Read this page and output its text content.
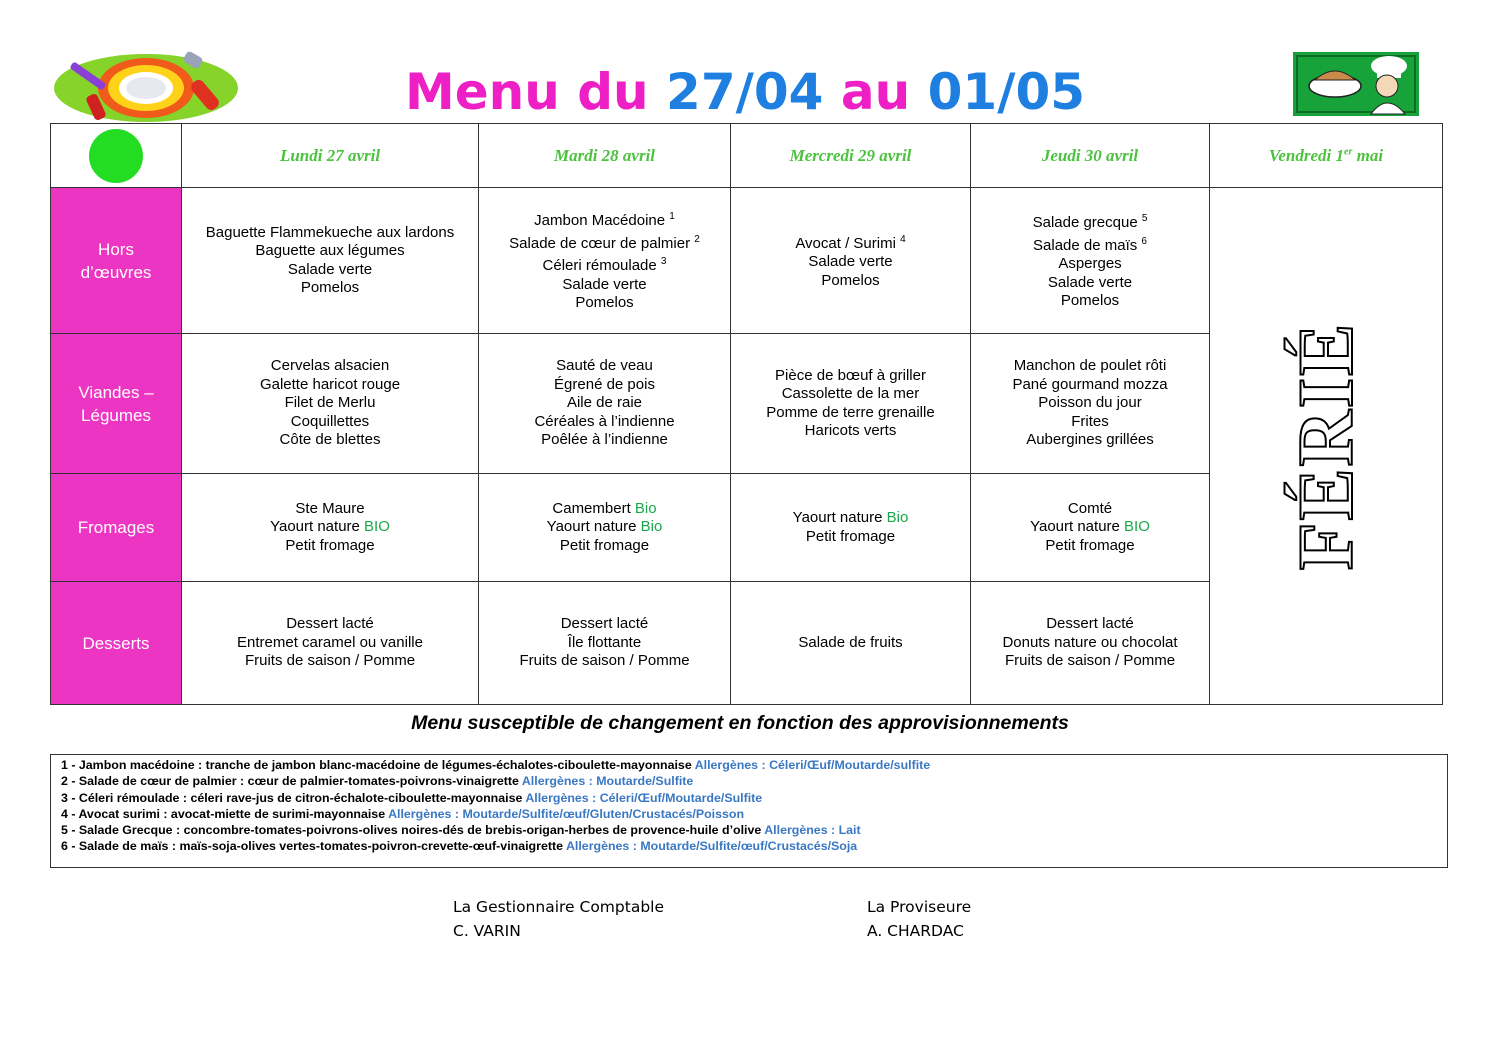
Menu du 27/04 au 01/05
	Lundi 27 avril	Mardi 28 avril	Mercredi 29 avril	Jeudi 30 avril	Vendredi 1er mai
Hors
d’œuvres	Baguette Flammekueche aux lardons
Baguette aux légumes
Salade verte
Pomelos	Jambon Macédoine $^1$
Salade de cœur de palmier $^2$
Céleri rémoulade $^3$
Salade verte
Pomelos	Avocat / Surimi $^4$
Salade verte
Pomelos	Salade grecque $^5$
Salade de maïs $^6$
Asperges
Salade verte
Pomelos	FÉRIÉ

Viandes –
Légumes	Cervelas alsacien
Galette haricot rouge
Filet de Merlu
Coquillettes
Côte de blettes	Sauté de veau
Égrené de pois
Aile de raie
Céréales à l’indienne
Poêlée à l’indienne	Pièce de bœuf à griller
Cassolette de la mer
Pomme de terre grenaille
Haricots verts	Manchon de poulet rôti
Pané gourmand mozza
Poisson du jour
Frites
Aubergines grillées	

Fromages	Ste Maure
Yaourt nature BIO
Petit fromage	Camembert Bio
Yaourt nature Bio
Petit fromage	Yaourt nature Bio
Petit fromage	Comté
Yaourt nature BIO
Petit fromage	

Desserts	Dessert lacté
Entremet caramel ou vanille
Fruits de saison / Pomme	Dessert lacté
Île flottante
Fruits de saison / Pomme	Salade de fruits	Dessert lacté
Donuts nature ou chocolat
Fruits de saison / Pomme	
Menu susceptible de changement en fonction des approvisionnements
1 - Jambon macédoine : tranche de jambon blanc-macédoine de légumes-échalotes-ciboulette-mayonnaise Allergènes : Céleri/Œuf/Moutarde/sulfite
2 - Salade de cœur de palmier : cœur de palmier-tomates-poivrons-vinaigrette Allergènes : Moutarde/Sulfite
3 - Céleri rémoulade : céleri rave-jus de citron-échalote-ciboulette-mayonnaise Allergènes : Céleri/Œuf/Moutarde/Sulfite
4 - Avocat surimi : avocat-miette de surimi-mayonnaise Allergènes : Moutarde/Sulfite/œuf/Gluten/Crustacés/Poisson
5 - Salade Grecque : concombre-tomates-poivrons-olives noires-dés de brebis-origan-herbes de provence-huile d’olive Allergènes : Lait
6 - Salade de maïs : maïs-soja-olives vertes-tomates-poivron-crevette-œuf-vinaigrette Allergènes : Moutarde/Sulfite/œuf/Crustacés/Soja
La Gestionnaire Comptable
C. VARIN
La Proviseure
A. CHARDAC
